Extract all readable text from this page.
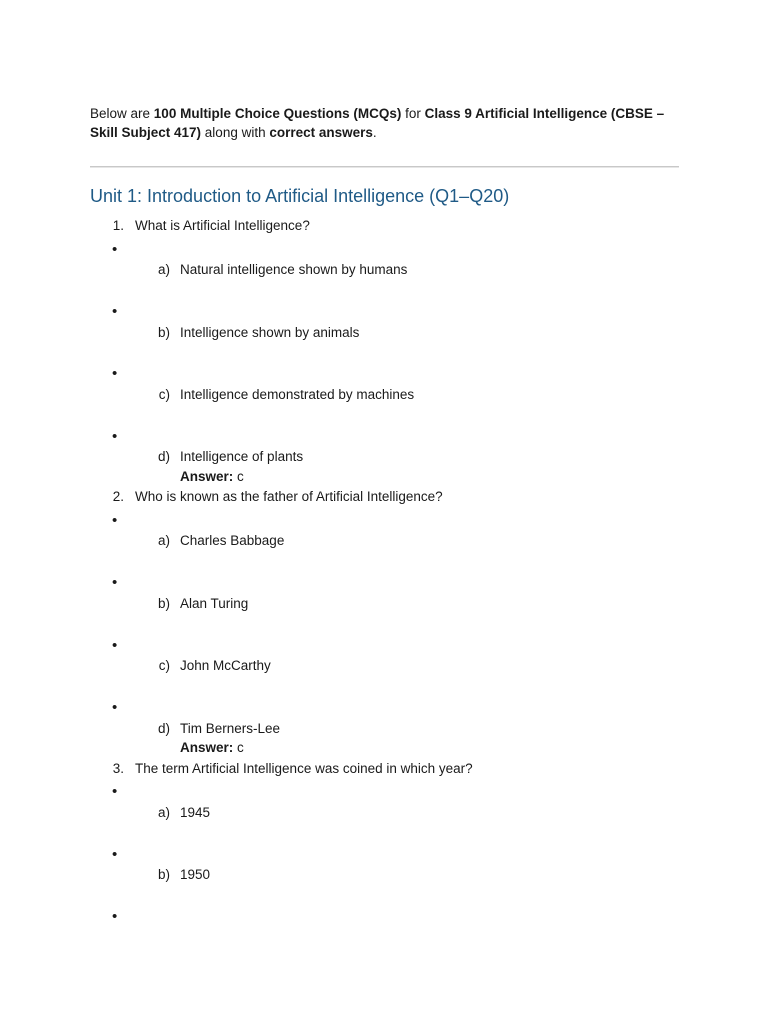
Below are 100 Multiple Choice Questions (MCQs) for Class 9 Artificial Intelligence (CBSE – Skill Subject 417) along with correct answers.
Unit 1: Introduction to Artificial Intelligence (Q1–Q20)
1. What is Artificial Intelligence?
•
a) Natural intelligence shown by humans
•
b) Intelligence shown by animals
•
c) Intelligence demonstrated by machines
•
d) Intelligence of plants
Answer: c
2. Who is known as the father of Artificial Intelligence?
•
a) Charles Babbage
•
b) Alan Turing
•
c) John McCarthy
•
d) Tim Berners-Lee
Answer: c
3. The term Artificial Intelligence was coined in which year?
•
a) 1945
•
b) 1950
•
